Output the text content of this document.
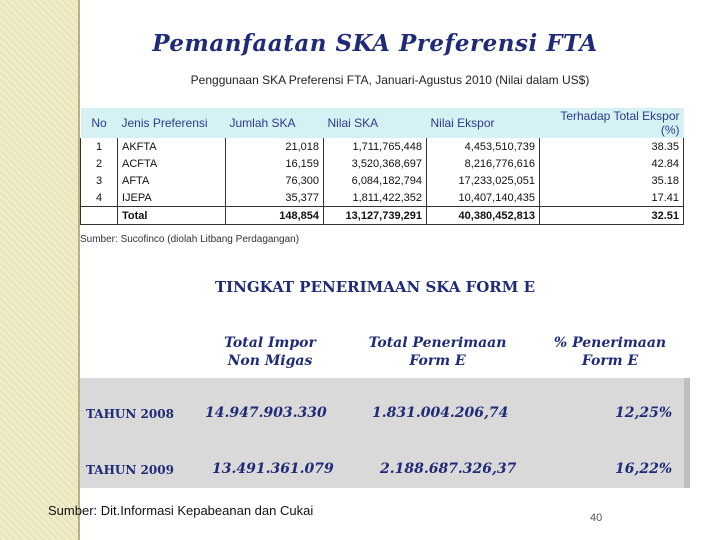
Pemanfaatan SKA Preferensi FTA
Penggunaan SKA Preferensi FTA, Januari-Agustus 2010 (Nilai dalam US$)
No	Jenis Preferensi	Jumlah SKA	Nilai SKA	Nilai Ekspor	Terhadap Total Ekspor (%)
1	AKFTA	21,018	1,711,765,448	4,453,510,739	38.35
2	ACFTA	16,159	3,520,368,697	8,216,776,616	42.84
3	AFTA	76,300	6,084,182,794	17,233,025,051	35.18
4	IJEPA	35,377	1,811,422,352	10,407,140,435	17.41
	Total	148,854	13,127,739,291	40,380,452,813	32.51
Sumber: Sucofinco (diolah Litbang Perdagangan)
TINGKAT PENERIMAAN SKA FORM E
Total Impor
Non Migas
Total Penerimaan
Form E
% Penerimaan
Form E
TAHUN 2008 14.947.903.330	1.831.004.206,74	12,25%
TAHUN 2009	13.491.361.079	2.188.687.326,37	16,22%
Sumber: Dit.Informasi Kepabeanan dan Cukai	40
